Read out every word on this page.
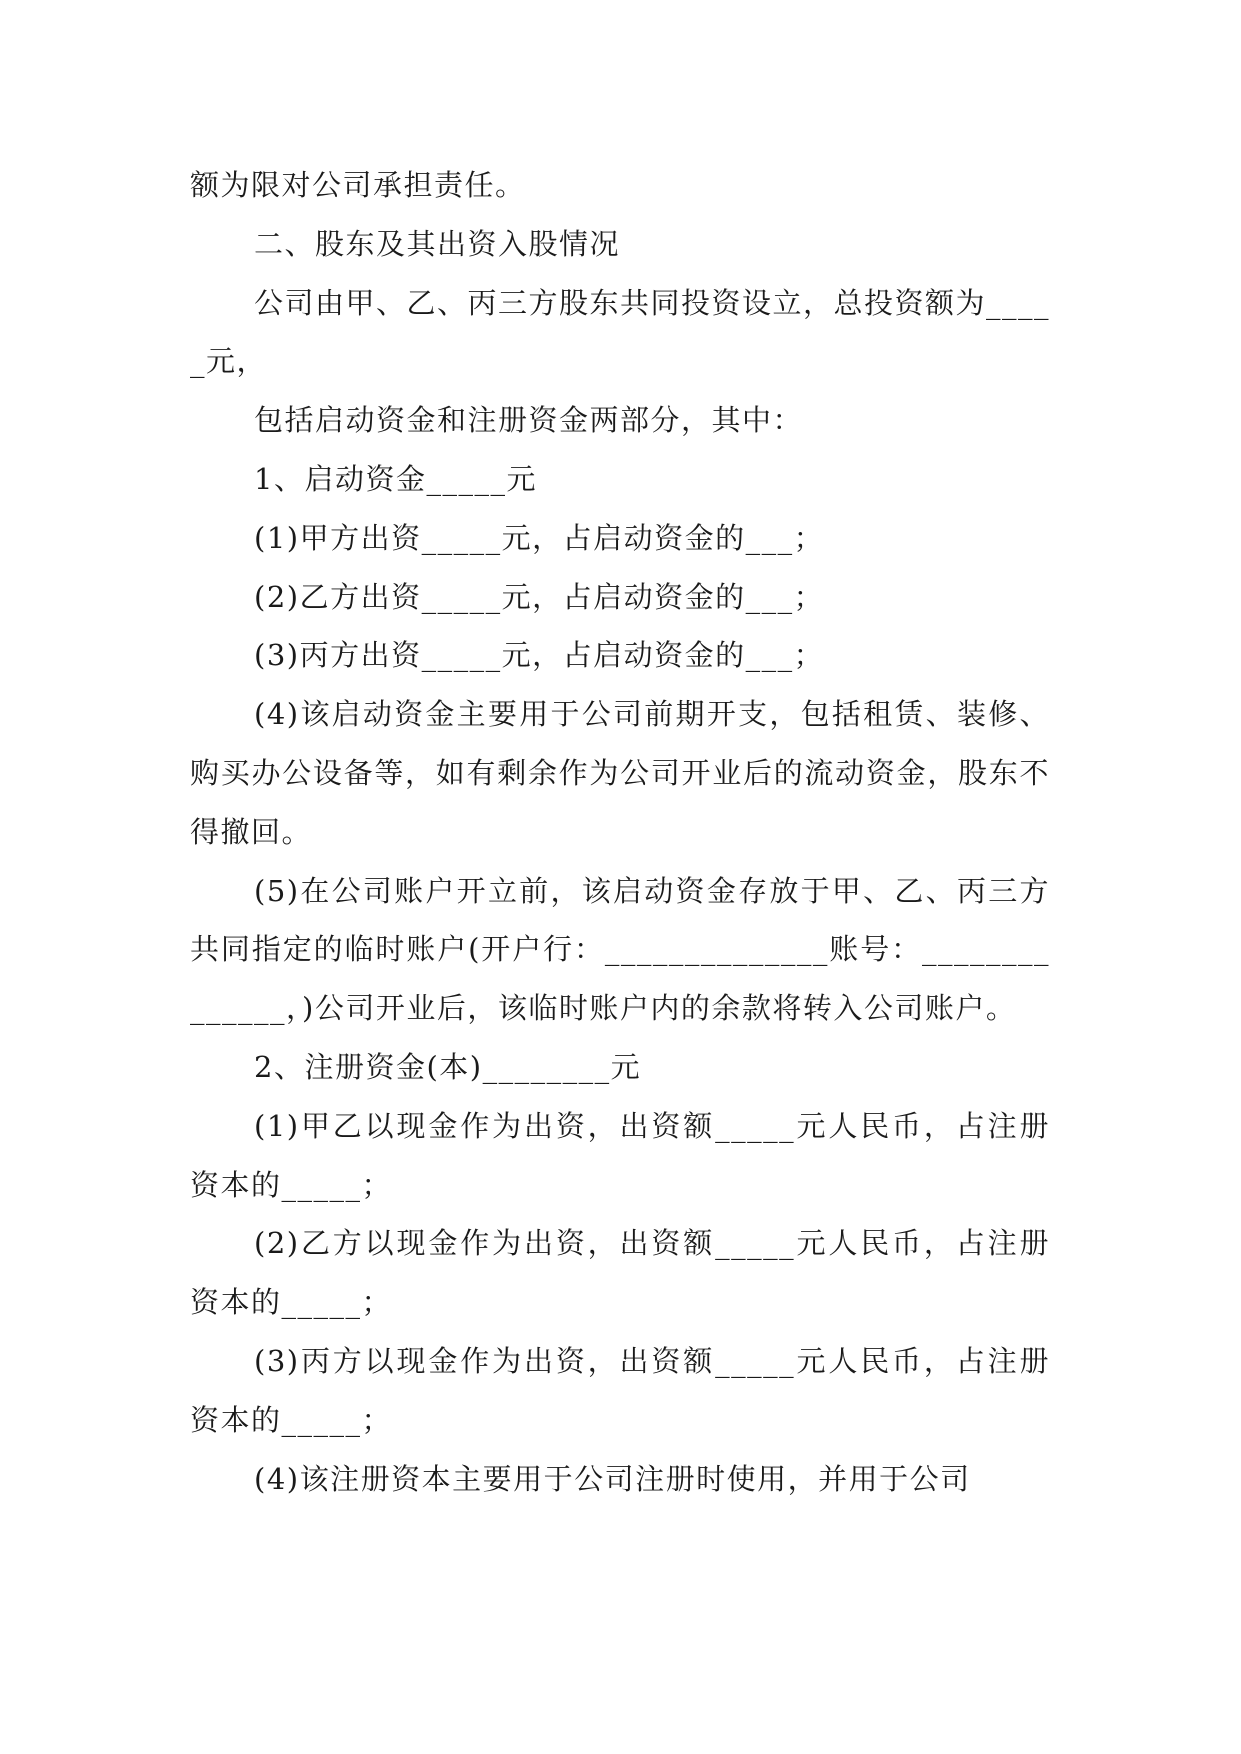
额为限对公司承担责任。

二、股东及其出资入股情况

公司由甲、乙、丙三方股东共同投资设立，总投资额为_____元，

包括启动资金和注册资金两部分，其中：

1、启动资金_____元

(1)甲方出资_____元，占启动资金的___；

(2)乙方出资_____元，占启动资金的___；

(3)丙方出资_____元，占启动资金的___；

(4)该启动资金主要用于公司前期开支，包括租赁、装修、购买办公设备等，如有剩余作为公司开业后的流动资金，股东不得撤回。

(5)在公司账户开立前，该启动资金存放于甲、乙、丙三方共同指定的临时账户(开户行：______________账号：______________，)公司开业后，该临时账户内的余款将转入公司账户。

2、注册资金(本)________元

(1)甲乙以现金作为出资，出资额_____元人民币，占注册资本的_____；

(2)乙方以现金作为出资，出资额_____元人民币，占注册资本的_____；

(3)丙方以现金作为出资，出资额_____元人民币，占注册资本的_____；

(4)该注册资本主要用于公司注册时使用，并用于公司
